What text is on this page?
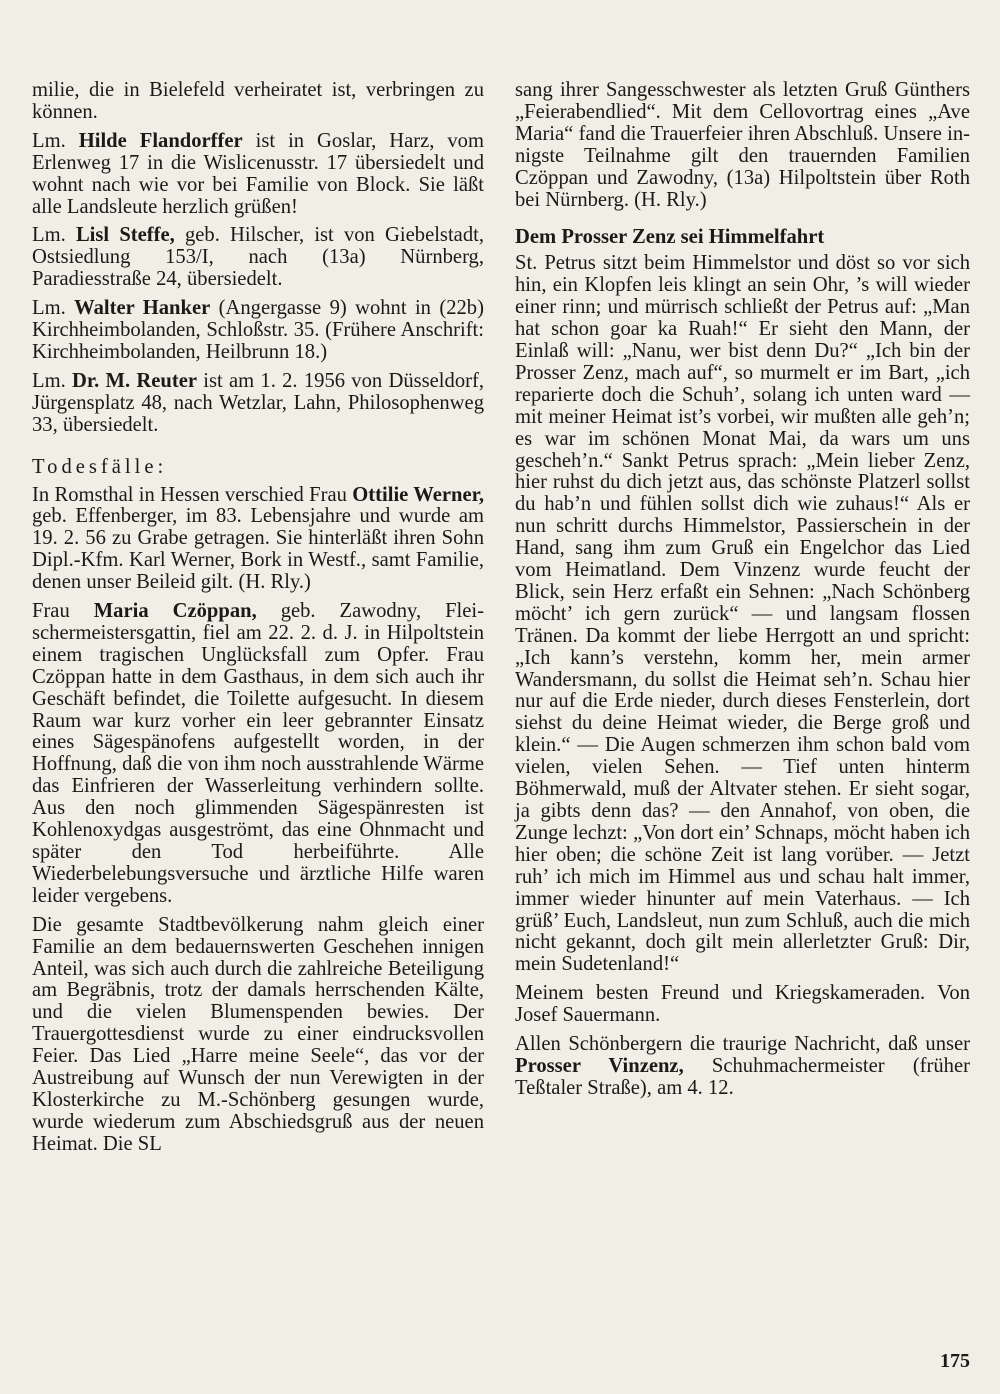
milie, die in Bielefeld verheiratet ist, verbringen zu können.

Lm. Hilde Flandorffer ist in Goslar, Harz, vom Erlenweg 17 in die Wislicenusstr. 17 übersiedelt und wohnt nach wie vor bei Familie von Block. Sie läßt alle Landsleute herzlich grüßen!

Lm. Lisl Steffe, geb. Hilscher, ist von Giebelstadt, Ostsiedlung 153/I, nach (13a) Nürnberg, Paradiesstraße 24, übersiedelt.

Lm. Walter Hanker (Angergasse 9) wohnt in (22b) Kirchheimbolanden, Schloßstr. 35. (Frühere Anschrift: Kirchheimbolanden, Heilbrunn 18.)

Lm. Dr. M. Reuter ist am 1. 2. 1956 von Düsseldorf, Jürgensplatz 48, nach Wetzlar, Lahn, Philosophenweg 33, übersiedelt.

Todesfälle:

In Romsthal in Hessen verschied Frau Ottilie Werner, geb. Effenberger, im 83. Lebensjahre und wurde am 19. 2. 56 zu Grabe getragen. Sie hinterläßt ihren Sohn Dipl.-Kfm. Karl Werner, Bork in Westf., samt Familie, denen unser Beileid gilt. (H. Rly.)

Frau Maria Czöppan, geb. Zawodny, Fleischermeistersgattin, fiel am 22. 2. d. J. in Hilpoltstein einem tragischen Unglücksfall zum Opfer. Frau Czöppan hatte in dem Gasthaus, in dem sich auch ihr Geschäft befindet, die Toilette aufgesucht. In diesem Raum war kurz vorher ein leer gebrannter Einsatz eines Sägespänofens aufgestellt worden, in der Hoffnung, daß die von ihm noch ausstrahlende Wärme das Einfrieren der Wasserleitung verhindern sollte. Aus den noch glimmenden Sägespänresten ist Kohlenoxydgas ausgeströmt, das eine Ohnmacht und später den Tod herbeiführte. Alle Wiederbelebungsversuche und ärztliche Hilfe waren leider vergebens.

Die gesamte Stadtbevölkerung nahm gleich einer Familie an dem bedauernswerten Geschehen innigen Anteil, was sich auch durch die zahlreiche Beteiligung am Begräbnis, trotz der damals herrschenden Kälte, und die vielen Blumenspenden bewies. Der Trauergottesdienst wurde zu einer eindrucksvollen Feier. Das Lied „Harre meine Seele“, das vor der Austreibung auf Wunsch der nun Verewigten in der Klosterkirche zu M.-Schönberg gesungen wurde, wurde wiederum zum Abschiedsgruß aus der neuen Heimat. Die SL

sang ihrer Sangesschwester als letzten Gruß Günthers „Feierabendlied“. Mit dem Cellovortrag eines „Ave Maria“ fand die Trauerfeier ihren Abschluß. Unsere innigste Teilnahme gilt den trauernden Familien Czöppan und Zawodny, (13a) Hilpoltstein über Roth bei Nürnberg. (H. Rly.)

Dem Prosser Zenz sei Himmelfahrt

St. Petrus sitzt beim Himmelstor und döst so vor sich hin, ein Klopfen leis klingt an sein Ohr, ’s will wieder einer rinn; und mürrisch schließt der Petrus auf: „Man hat schon goar ka Ruah!“ Er sieht den Mann, der Einlaß will: „Nanu, wer bist denn Du?“ „Ich bin der Prosser Zenz, mach auf“, so murmelt er im Bart, „ich reparierte doch die Schuh’, solang ich unten ward — mit meiner Heimat ist’s vorbei, wir mußten alle geh’n; es war im schönen Monat Mai, da wars um uns gescheh’n.“ Sankt Petrus sprach: „Mein lieber Zenz, hier ruhst du dich jetzt aus, das schönste Platzerl sollst du hab’n und fühlen sollst dich wie zuhaus!“ Als er nun schritt durchs Himmelstor, Passierschein in der Hand, sang ihm zum Gruß ein Engelchor das Lied vom Heimatland. Dem Vinzenz wurde feucht der Blick, sein Herz erfaßt ein Sehnen: „Nach Schönberg möcht’ ich gern zurück“ — und langsam flossen Tränen. Da kommt der liebe Herrgott an und spricht: „Ich kann’s verstehn, komm her, mein armer Wandersmann, du sollst die Heimat seh’n. Schau hier nur auf die Erde nieder, durch dieses Fensterlein, dort siehst du deine Heimat wieder, die Berge groß und klein.“ — Die Augen schmerzen ihm schon bald vom vielen, vielen Sehen. — Tief unten hinterm Böhmerwald, muß der Altvater stehen. Er sieht sogar, ja gibts denn das? — den Annahof, von oben, die Zunge lechzt: „Von dort ein’ Schnaps, möcht haben ich hier oben; die schöne Zeit ist lang vorüber. — Jetzt ruh’ ich mich im Himmel aus und schau halt immer, immer wieder hinunter auf mein Vaterhaus. — Ich grüß’ Euch, Landsleut, nun zum Schluß, auch die mich nicht gekannt, doch gilt mein allerletzter Gruß: Dir, mein Sudetenland!“

Meinem besten Freund und Kriegskameraden. Von Josef Sauermann.

Allen Schönbergern die traurige Nachricht, daß unser Prosser Vinzenz, Schuhmachermeister (früher Teßtaler Straße), am 4. 12.

175
